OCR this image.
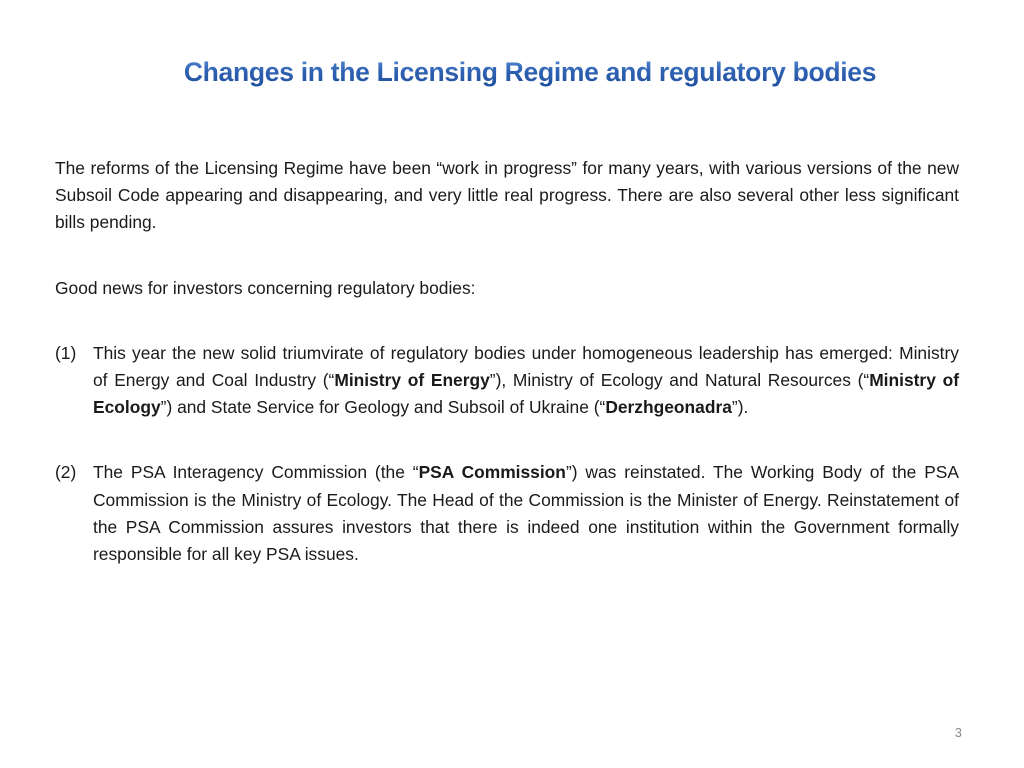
Changes in the Licensing Regime and regulatory bodies

The reforms of the Licensing Regime have been “work in progress” for many years, with various versions of the new Subsoil Code appearing and disappearing, and very little real progress. There are also several other less significant bills pending.

Good news for investors concerning regulatory bodies:

(1) This year the new solid triumvirate of regulatory bodies under homogeneous leadership has emerged: Ministry of Energy and Coal Industry (“Ministry of Energy”), Ministry of Ecology and Natural Resources (“Ministry of Ecology”) and State Service for Geology and Subsoil of Ukraine (“Derzhgeonadra”).
(2) The PSA Interagency Commission (the “PSA Commission”) was reinstated. The Working Body of the PSA Commission is the Ministry of Ecology. The Head of the Commission is the Minister of Energy. Reinstatement of the PSA Commission assures investors that there is indeed one institution within the Government formally responsible for all key PSA issues.
3
